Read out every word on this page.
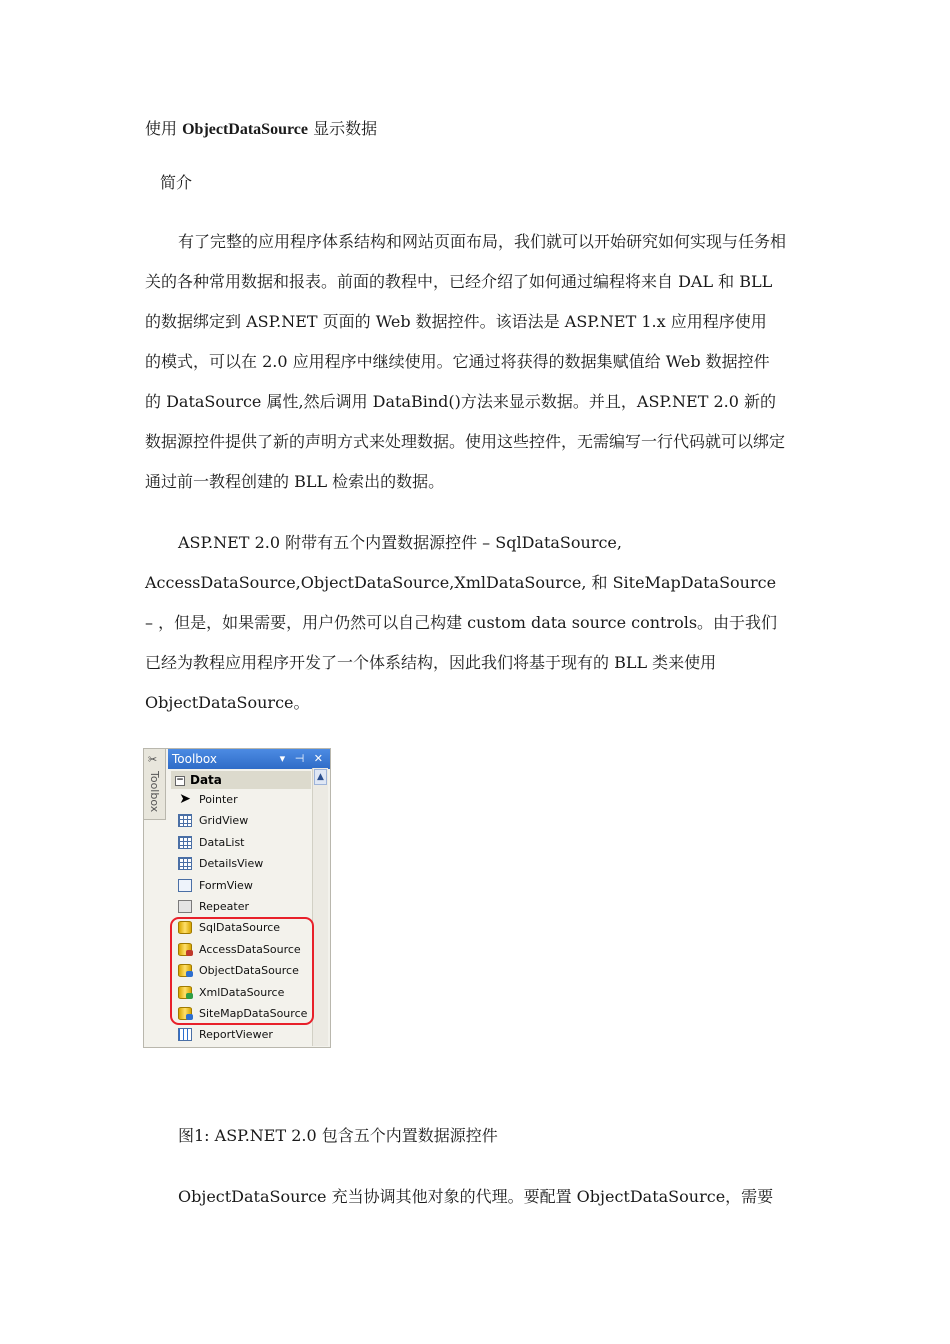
使用 ObjectDataSource 显示数据
简介
有了完整的应用程序体系结构和网站页面布局，我们就可以开始研究如何实现与任务相
关的各种常用数据和报表。前面的教程中，已经介绍了如何通过编程将来自 DAL 和 BLL
的数据绑定到 ASP.NET 页面的 Web 数据控件。该语法是 ASP.NET 1.x 应用程序使用
的模式，可以在 2.0 应用程序中继续使用。它通过将获得的数据集赋值给 Web 数据控件
的 DataSource 属性,然后调用 DataBind()方法来显示数据。并且，ASP.NET 2.0 新的
数据源控件提供了新的声明方式来处理数据。使用这些控件，无需编写一行代码就可以绑定
通过前一教程创建的 BLL 检索出的数据。
ASP.NET 2.0 附带有五个内置数据源控件 – SqlDataSource,
AccessDataSource,ObjectDataSource,XmlDataSource, 和 SiteMapDataSource
– ，但是，如果需要，用户仍然可以自己构建 custom data source controls。由于我们
已经为教程应用程序开发了一个体系结构，因此我们将基于现有的 BLL 类来使用
ObjectDataSource。
✂
Toolbox
Toolbox	▾ ⊣ ✕
− Data
➤ Pointer
GridView
DataList
DetailsView
FormView
Repeater
SqlDataSource
AccessDataSource
ObjectDataSource
XmlDataSource
SiteMapDataSource
ReportViewer
▲
图1: ASP.NET 2.0 包含五个内置数据源控件
ObjectDataSource 充当协调其他对象的代理。要配置 ObjectDataSource，需要
